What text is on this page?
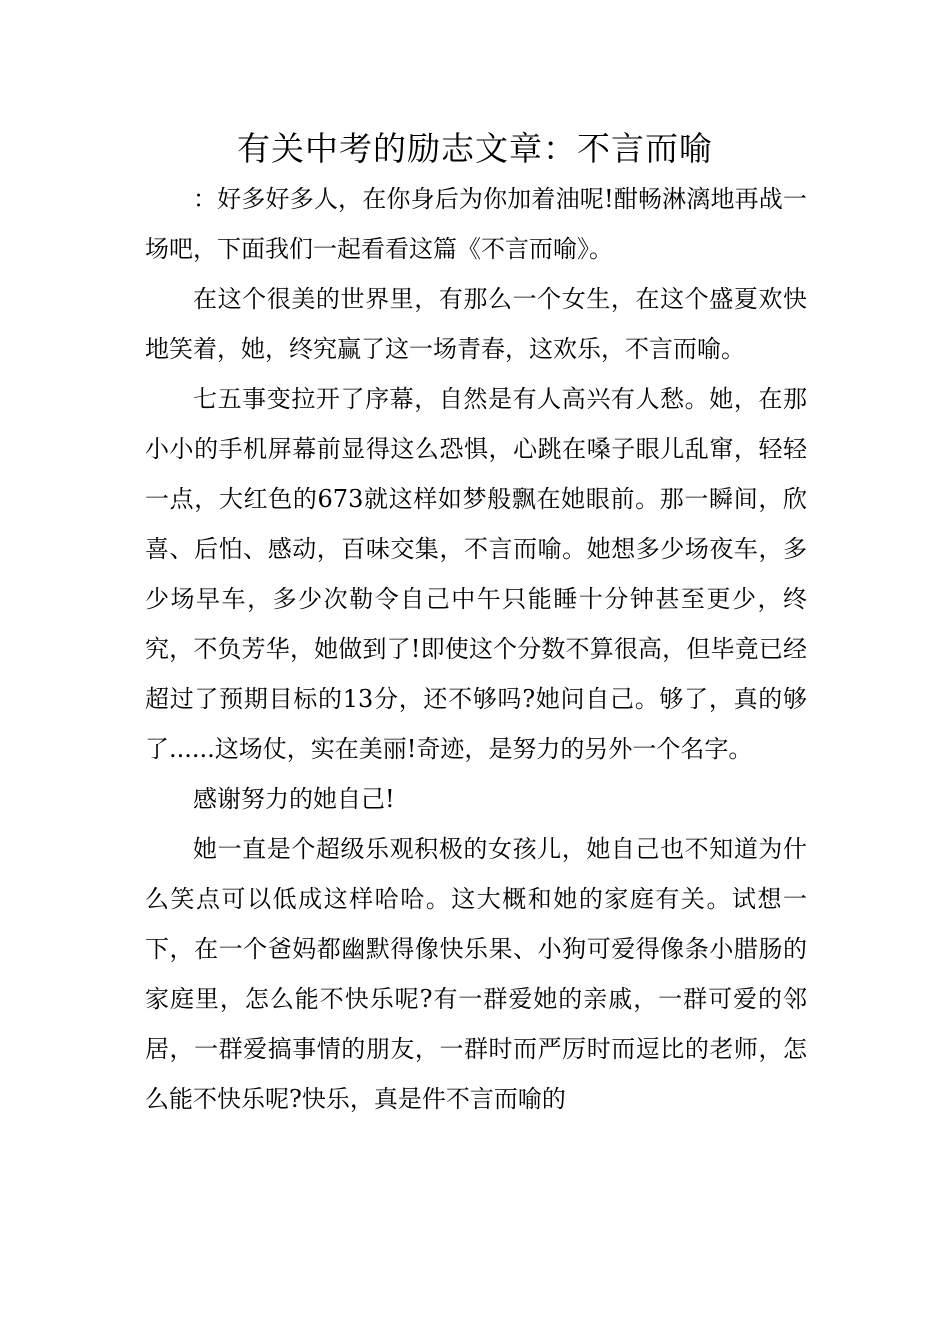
有关中考的励志文章：不言而喻

：好多好多人，在你身后为你加着油呢!酣畅淋漓地再战一场吧，下面我们一起看看这篇《不言而喻》。

在这个很美的世界里，有那么一个女生，在这个盛夏欢快地笑着，她，终究赢了这一场青春，这欢乐，不言而喻。

七五事变拉开了序幕，自然是有人高兴有人愁。她，在那小小的手机屏幕前显得这么恐惧，心跳在嗓子眼儿乱窜，轻轻一点，大红色的673就这样如梦般飘在她眼前。那一瞬间，欣喜、后怕、感动，百味交集，不言而喻。她想多少场夜车，多少场早车，多少次勒令自己中午只能睡十分钟甚至更少，终究，不负芳华，她做到了!即使这个分数不算很高，但毕竟已经超过了预期目标的13分，还不够吗?她问自己。够了，真的够了......这场仗，实在美丽!奇迹，是努力的另外一个名字。

感谢努力的她自己!

她一直是个超级乐观积极的女孩儿，她自己也不知道为什么笑点可以低成这样哈哈。这大概和她的家庭有关。试想一下，在一个爸妈都幽默得像快乐果、小狗可爱得像条小腊肠的家庭里，怎么能不快乐呢?有一群爱她的亲戚，一群可爱的邻居，一群爱搞事情的朋友，一群时而严厉时而逗比的老师，怎么能不快乐呢?快乐，真是件不言而喻的
